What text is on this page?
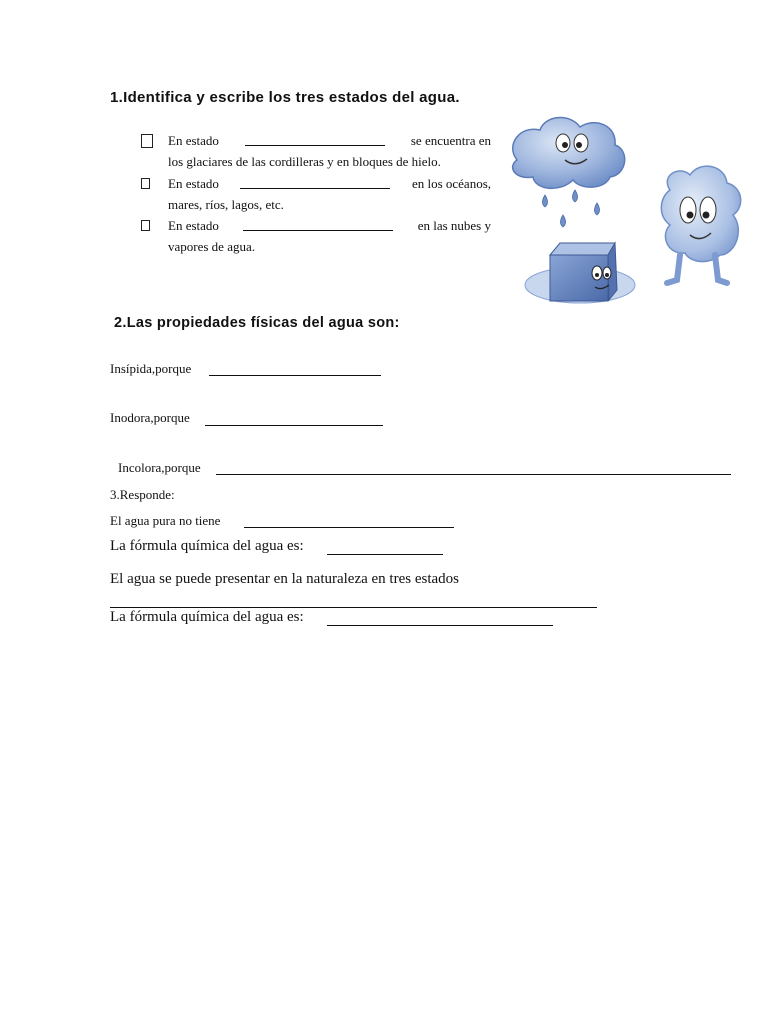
1.Identifica y escribe los tres estados del agua.
En estado	se encuentra en
los glaciares de las cordilleras y en bloques de hielo.
En estado	en los océanos,
mares, ríos, lagos, etc.
En estado	en las nubes y
vapores de agua.
2.Las propiedades físicas del agua son:
Insípida,porque
Inodora,porque
Incolora,porque
3.Responde:
El agua pura no tiene
La fórmula química del agua es:
El agua se puede presentar en la naturaleza en tres estados
La fórmula química del agua es:
